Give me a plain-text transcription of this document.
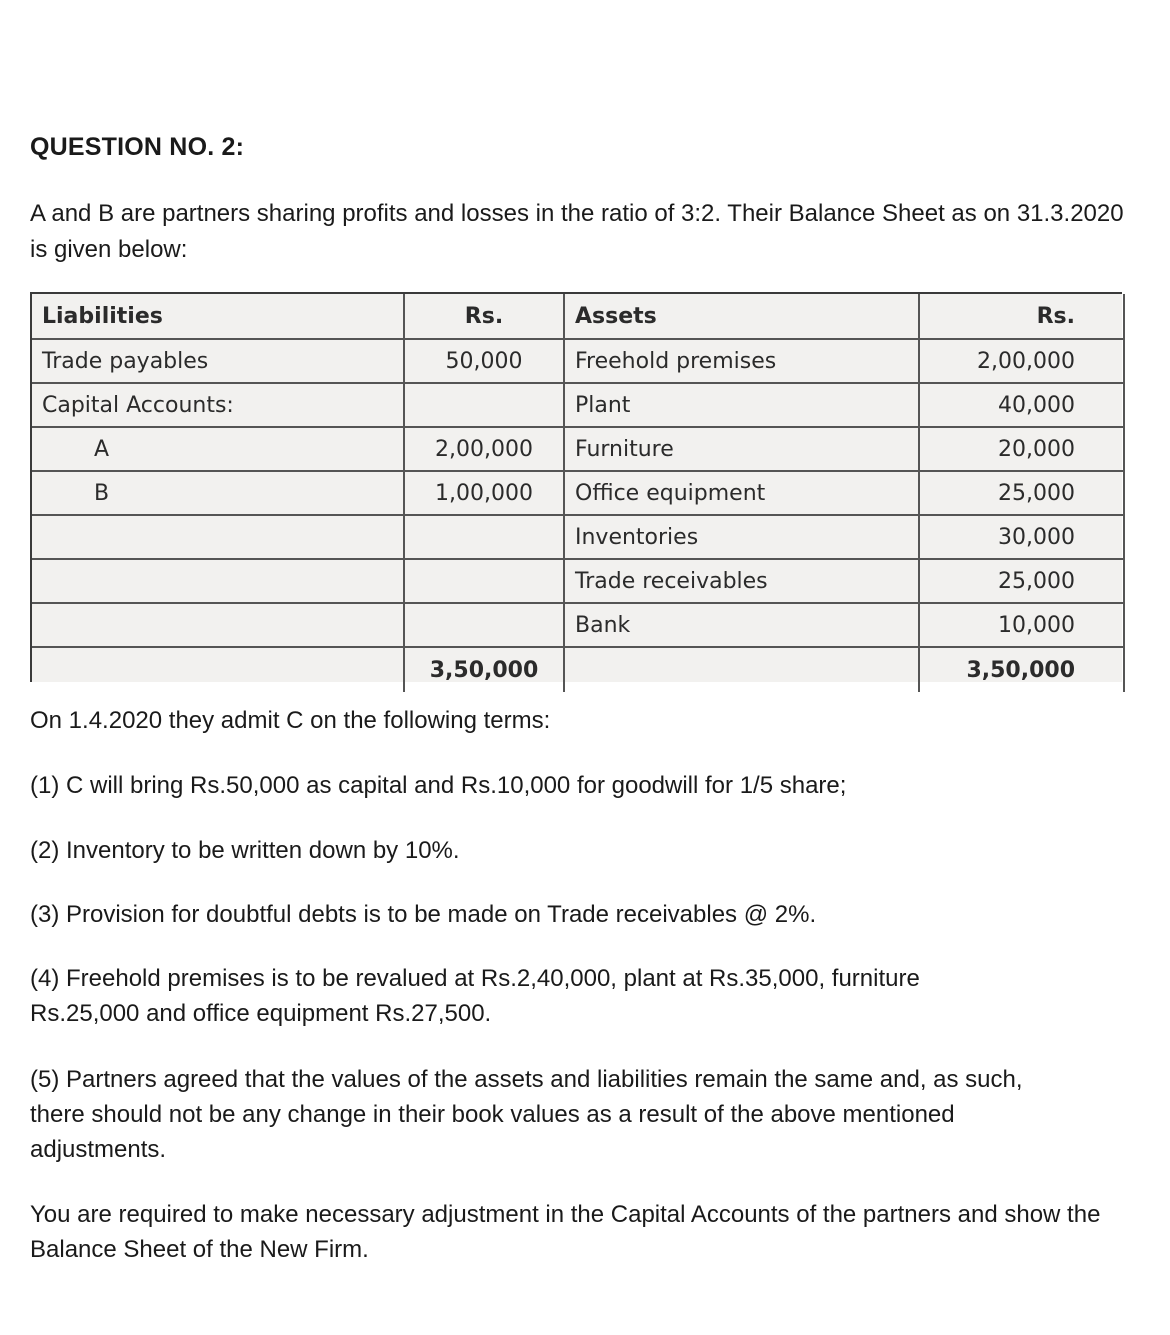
QUESTION NO. 2:
A and B are partners sharing profits and losses in the ratio of 3:2. Their Balance Sheet as on 31.3.2020 is given below:
Liabilities	Rs.	Assets	Rs.
Trade payables	50,000	Freehold premises	2,00,000
Capital Accounts:		Plant	40,000
A	2,00,000	Furniture	20,000
B	1,00,000	Office equipment	25,000
		Inventories	30,000
		Trade receivables	25,000
		Bank	10,000
	3,50,000		3,50,000
On 1.4.2020 they admit C on the following terms:
(1) C will bring Rs.50,000 as capital and Rs.10,000 for goodwill for 1/5 share;
(2) Inventory to be written down by 10%.
(3) Provision for doubtful debts is to be made on Trade receivables @ 2%.
(4) Freehold premises is to be revalued at Rs.2,40,000, plant at Rs.35,000, furniture Rs.25,000 and office equipment Rs.27,500.
(5) Partners agreed that the values of the assets and liabilities remain the same and, as such, there should not be any change in their book values as a result of the above mentioned adjustments.
You are required to make necessary adjustment in the Capital Accounts of the partners and show the Balance Sheet of the New Firm.
